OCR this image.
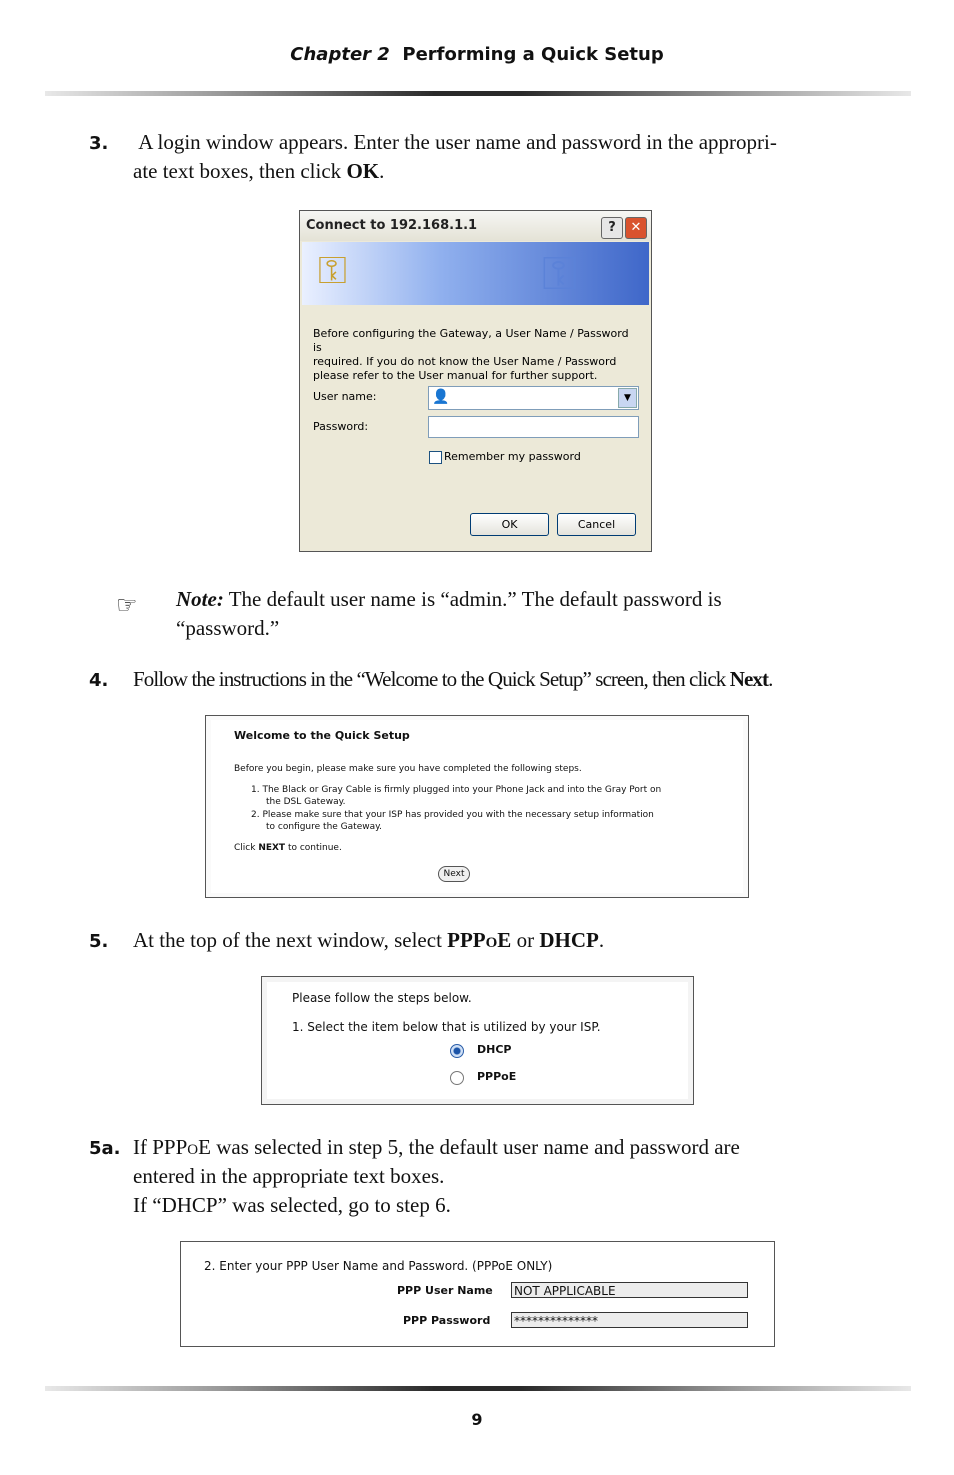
Chapter 2 Performing a Quick Setup
3. A login window appears. Enter the user name and password in the appropri-
ate text boxes, then click OK.
Connect to 192.168.1.1	?	✕
⚿	⚿
Before configuring the Gateway, a User Name / Password is
required. If you do not know the User Name / Password
please refer to the User manual for further support.
User name:	👤	▼
Password:
Remember my password
OK	Cancel
☞ Note: The default user name is “admin.” The default password is
“password.”
4. Follow the instructions in the “Welcome to the Quick Setup” screen, then click Next.
Welcome to the Quick Setup
Before you begin, please make sure you have completed the following steps.
1. The Black or Gray Cable is firmly plugged into your Phone Jack and into the Gray Port on
the DSL Gateway.
2. Please make sure that your ISP has provided you with the necessary setup information
to configure the Gateway.
Click NEXT to continue.
Next
5. At the top of the next window, select PPPoE or DHCP.
Please follow the steps below.
1. Select the item below that is utilized by your ISP.
DHCP
PPPoE
5a. If PPPoE was selected in step 5, the default user name and password are
entered in the appropriate text boxes.
If “DHCP” was selected, go to step 6.
2. Enter your PPP User Name and Password. (PPPoE ONLY)
PPP User Name NOT APPLICABLE
PPP Password **************
9
